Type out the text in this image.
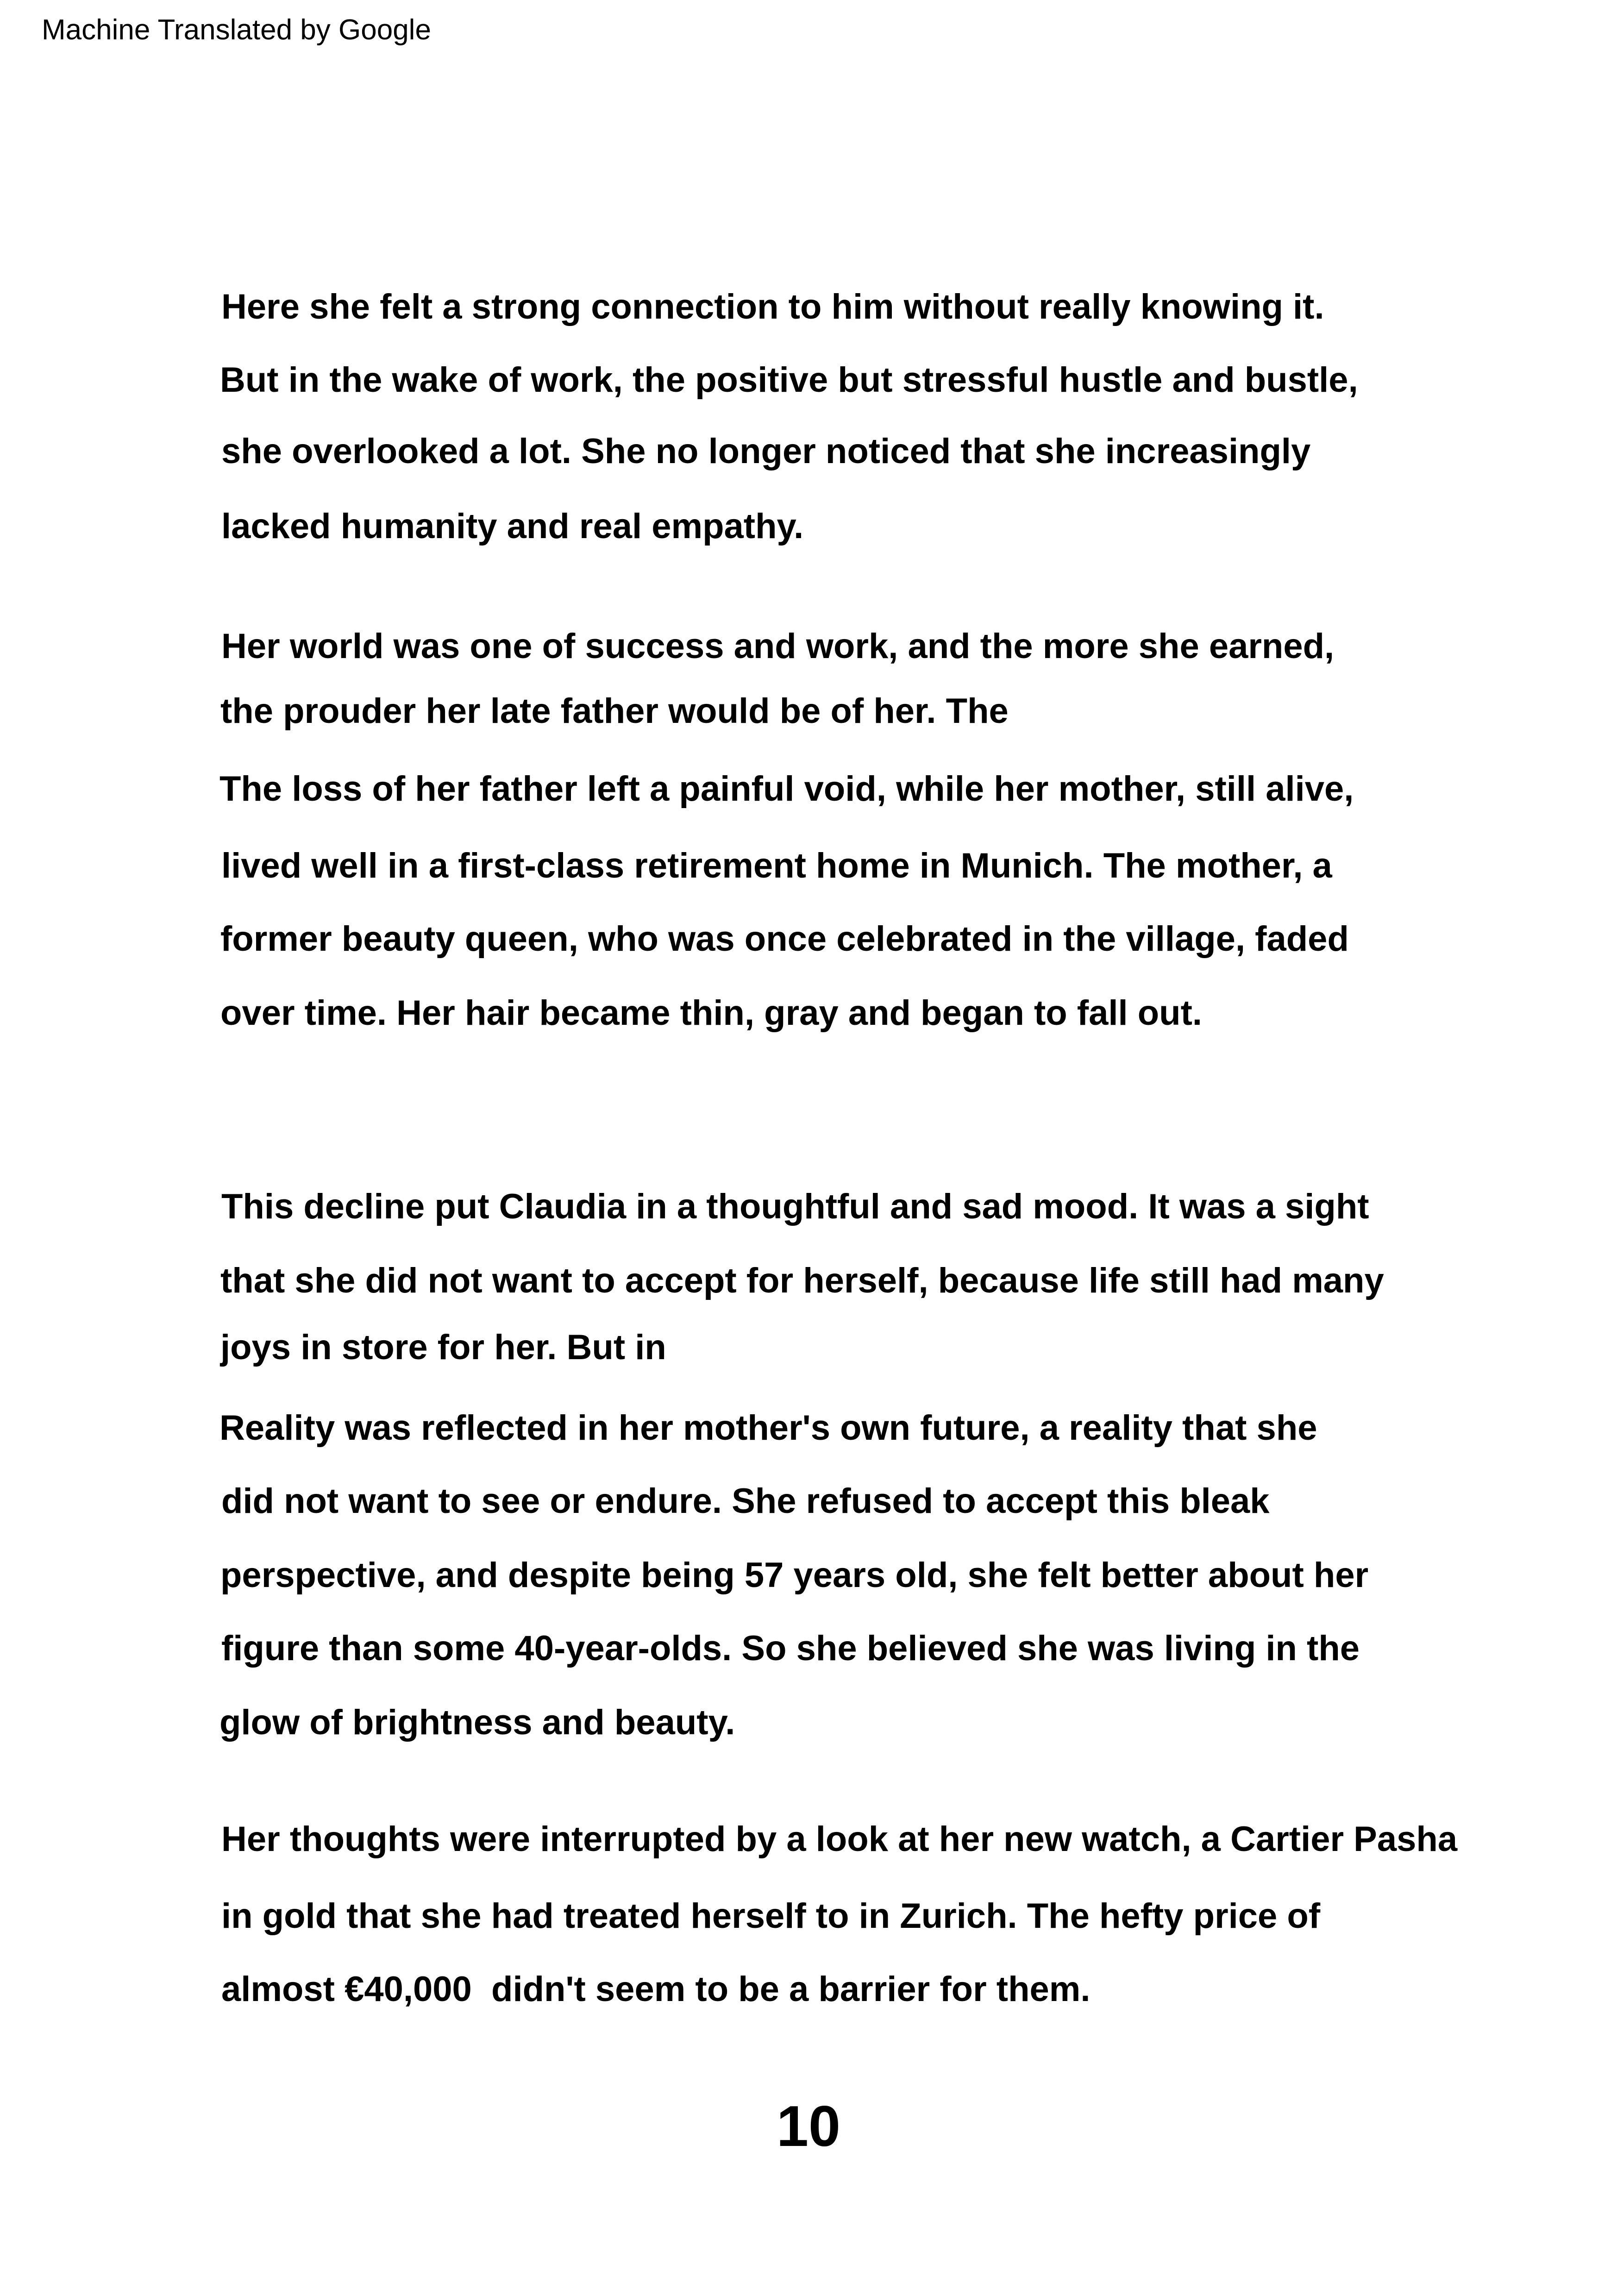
Machine Translated by Google
Here she felt a strong connection to him without really knowing it.
But in the wake of work, the positive but stressful hustle and bustle,
she overlooked a lot. She no longer noticed that she increasingly
lacked humanity and real empathy.
Her world was one of success and work, and the more she earned,
the prouder her late father would be of her. The
The loss of her father left a painful void, while her mother, still alive,
lived well in a first-class retirement home in Munich. The mother, a
former beauty queen, who was once celebrated in the village, faded
over time. Her hair became thin, gray and began to fall out.
This decline put Claudia in a thoughtful and sad mood. It was a sight
that she did not want to accept for herself, because life still had many
joys in store for her. But in
Reality was reflected in her mother's own future, a reality that she
did not want to see or endure. She refused to accept this bleak
perspective, and despite being 57 years old, she felt better about her
figure than some 40-year-olds. So she believed she was living in the
glow of brightness and beauty.
Her thoughts were interrupted by a look at her new watch, a Cartier Pasha
in gold that she had treated herself to in Zurich. The hefty price of
almost €40,000  didn't seem to be a barrier for them.
10
